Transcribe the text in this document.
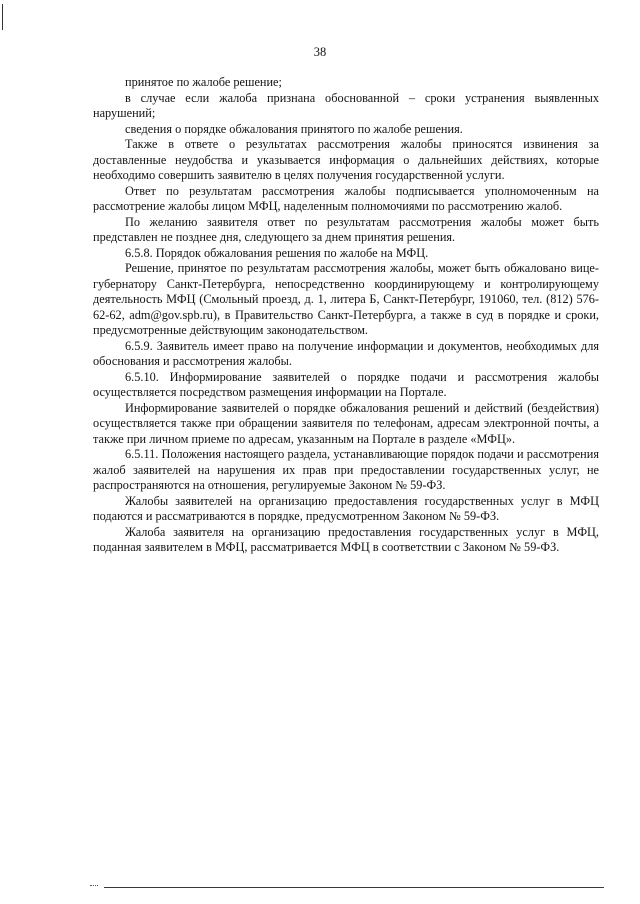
38

принятое по жалобе решение;

в случае если жалоба признана обоснованной – сроки устранения выявленных нарушений;

сведения о порядке обжалования принятого по жалобе решения.

Также в ответе о результатах рассмотрения жалобы приносятся извинения за доставленные неудобства и указывается информация о дальнейших действиях, которые необходимо совершить заявителю в целях получения государственной услуги.

Ответ по результатам рассмотрения жалобы подписывается уполномоченным на рассмотрение жалобы лицом МФЦ, наделенным полномочиями по рассмотрению жалоб.

По желанию заявителя ответ по результатам рассмотрения жалобы может быть представлен не позднее дня, следующего за днем принятия решения.

6.5.8. Порядок обжалования решения по жалобе на МФЦ.

Решение, принятое по результатам рассмотрения жалобы, может быть обжаловано вице-губернатору Санкт-Петербурга, непосредственно координирующему и контролирующему деятельность МФЦ (Смольный проезд, д. 1, литера Б, Санкт-Петербург, 191060, тел. (812) 576-62-62, adm@gov.spb.ru), в Правительство Санкт-Петербурга, а также в суд в порядке и сроки, предусмотренные действующим законодательством.

6.5.9. Заявитель имеет право на получение информации и документов, необходимых для обоснования и рассмотрения жалобы.

6.5.10. Информирование заявителей о порядке подачи и рассмотрения жалобы осуществляется посредством размещения информации на Портале.

Информирование заявителей о порядке обжалования решений и действий (бездействия) осуществляется также при обращении заявителя по телефонам, адресам электронной почты, а также при личном приеме по адресам, указанным на Портале в разделе «МФЦ».

6.5.11. Положения настоящего раздела, устанавливающие порядок подачи и рассмотрения жалоб заявителей на нарушения их прав при предоставлении государственных услуг, не распространяются на отношения, регулируемые Законом № 59-ФЗ.

Жалобы заявителей на организацию предоставления государственных услуг в МФЦ подаются и рассматриваются в порядке, предусмотренном Законом № 59-ФЗ.

Жалоба заявителя на организацию предоставления государственных услуг в МФЦ, поданная заявителем в МФЦ, рассматривается МФЦ в соответствии с Законом № 59-ФЗ.
